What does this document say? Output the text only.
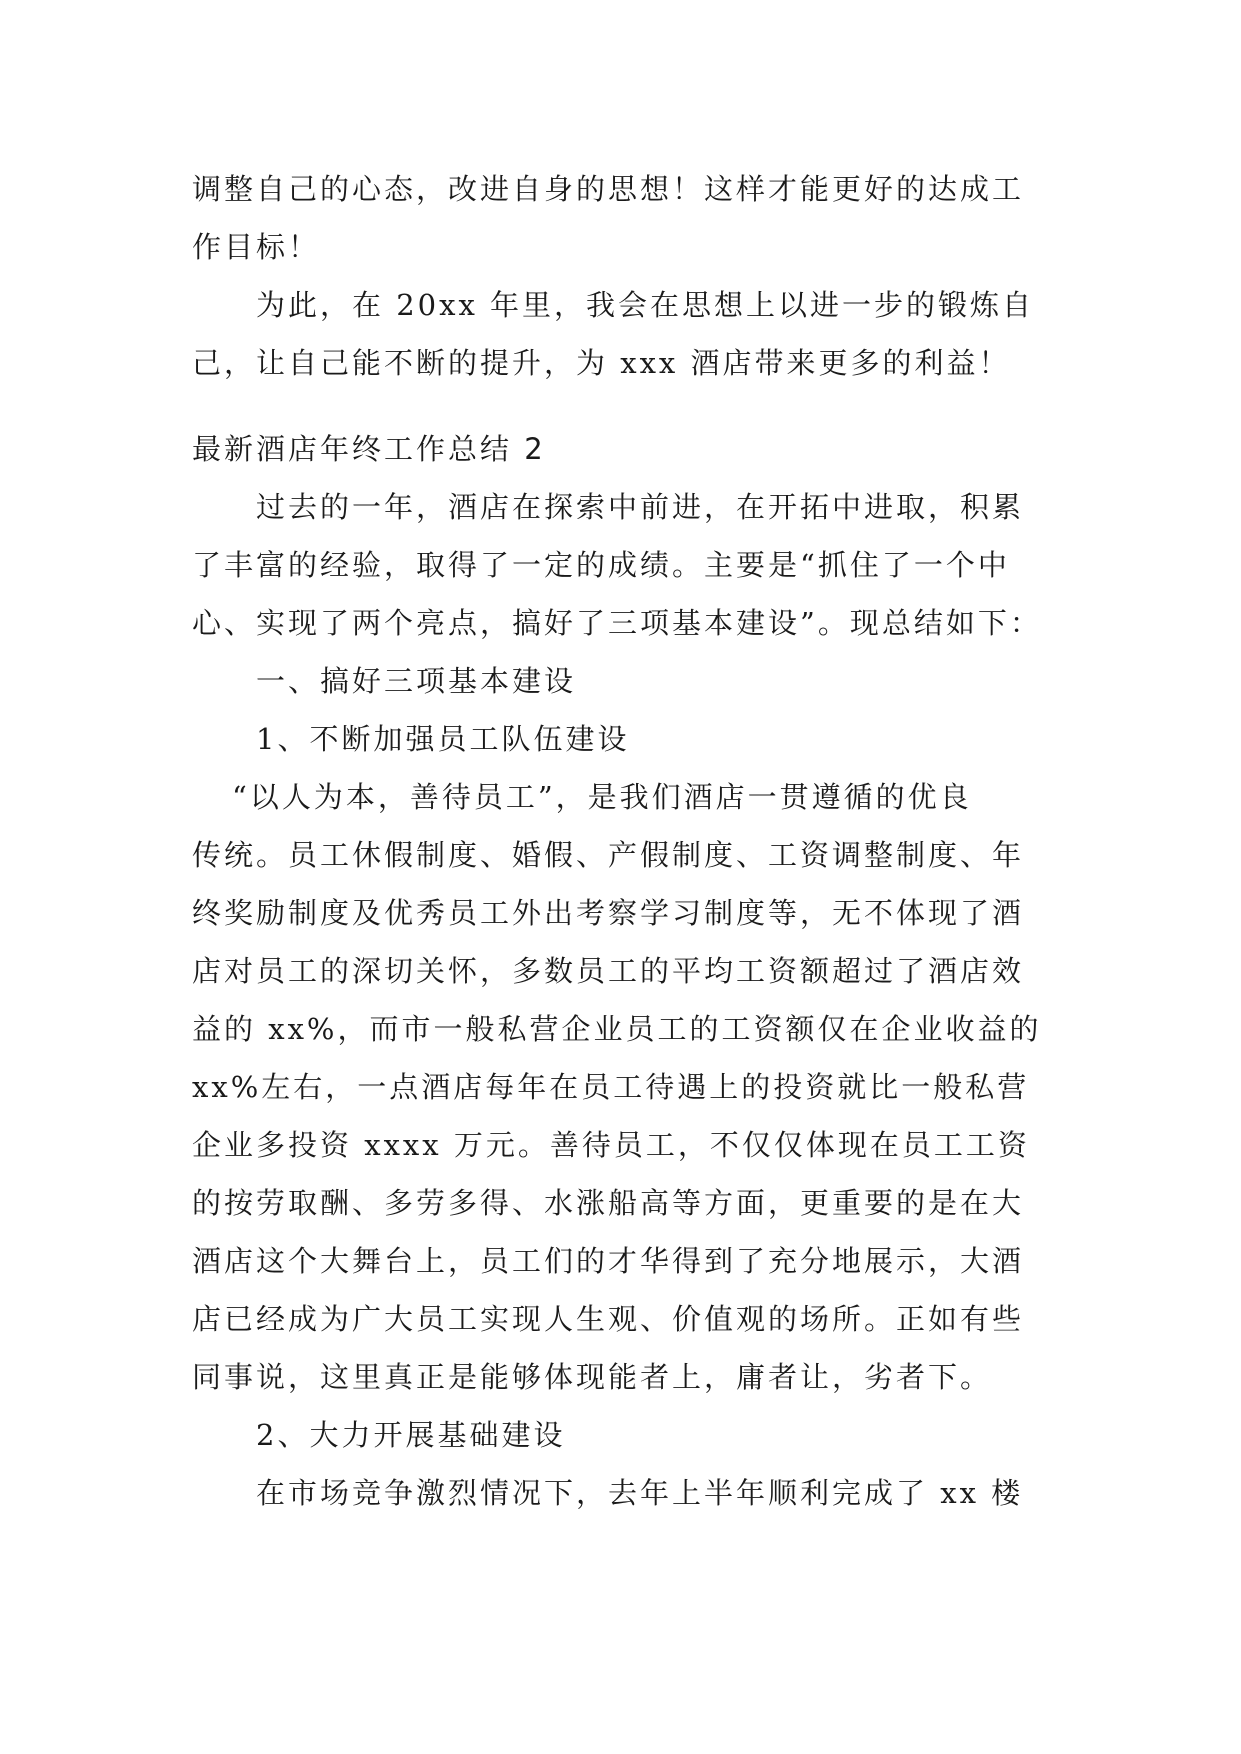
调整自己的心态，改进自身的思想！这样才能更好的达成工
作目标！
为此，在 20xx 年里，我会在思想上以进一步的锻炼自
己，让自己能不断的提升，为 xxx 酒店带来更多的利益！
最新酒店年终工作总结 2
过去的一年，酒店在探索中前进，在开拓中进取，积累
了丰富的经验，取得了一定的成绩。主要是“抓住了一个中
心、实现了两个亮点，搞好了三项基本建设”。现总结如下：
一、搞好三项基本建设
1、不断加强员工队伍建设
“以人为本，善待员工”，是我们酒店一贯遵循的优良
传统。员工休假制度、婚假、产假制度、工资调整制度、年
终奖励制度及优秀员工外出考察学习制度等，无不体现了酒
店对员工的深切关怀，多数员工的平均工资额超过了酒店效
益的 xx%，而市一般私营企业员工的工资额仅在企业收益的
xx%左右，一点酒店每年在员工待遇上的投资就比一般私营
企业多投资 xxxx 万元。善待员工，不仅仅体现在员工工资
的按劳取酬、多劳多得、水涨船高等方面，更重要的是在大
酒店这个大舞台上，员工们的才华得到了充分地展示，大酒
店已经成为广大员工实现人生观、价值观的场所。正如有些
同事说，这里真正是能够体现能者上，庸者让，劣者下。
2、大力开展基础建设
在市场竞争激烈情况下，去年上半年顺利完成了 xx 楼
